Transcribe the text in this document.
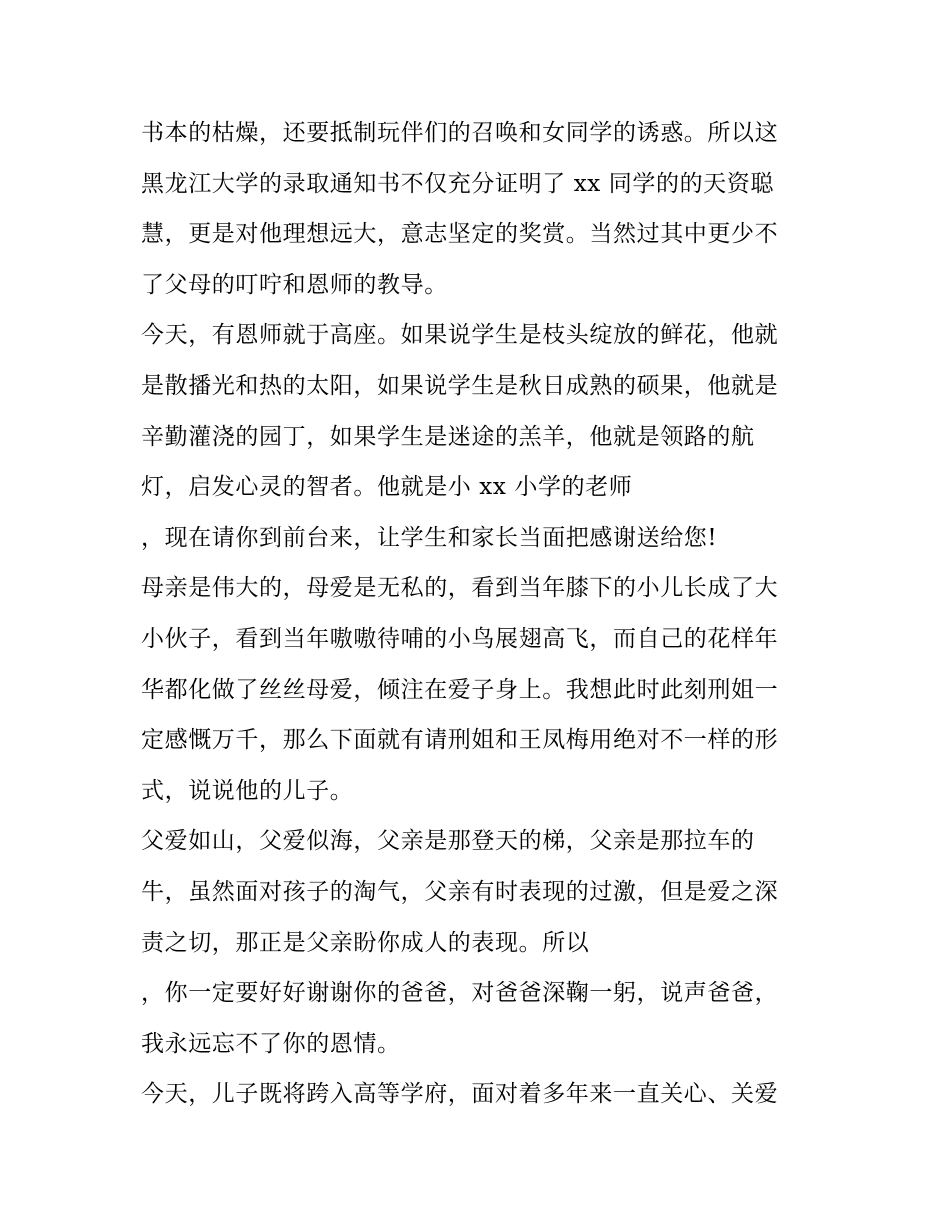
书本的枯燥，还要抵制玩伴们的召唤和女同学的诱惑。所以这
黑龙江大学的录取通知书不仅充分证明了 xx 同学的的天资聪
慧，更是对他理想远大，意志坚定的奖赏。当然过其中更少不
了父母的叮咛和恩师的教导。
今天，有恩师就于高座。如果说学生是枝头绽放的鲜花，他就
是散播光和热的太阳，如果说学生是秋日成熟的硕果，他就是
辛勤灌浇的园丁，如果学生是迷途的羔羊，他就是领路的航
灯，启发心灵的智者。他就是小 xx 小学的老师
，现在请你到前台来，让学生和家长当面把感谢送给您!
母亲是伟大的，母爱是无私的，看到当年膝下的小儿长成了大
小伙子，看到当年嗷嗷待哺的小鸟展翅高飞，而自己的花样年
华都化做了丝丝母爱，倾注在爱子身上。我想此时此刻刑姐一
定感慨万千，那么下面就有请刑姐和王凤梅用绝对不一样的形
式，说说他的儿子。
父爱如山，父爱似海，父亲是那登天的梯，父亲是那拉车的
牛，虽然面对孩子的淘气，父亲有时表现的过激，但是爱之深
责之切，那正是父亲盼你成人的表现。所以
，你一定要好好谢谢你的爸爸，对爸爸深鞠一躬，说声爸爸，
我永远忘不了你的恩情。
今天，儿子既将跨入高等学府，面对着多年来一直关心、关爱
